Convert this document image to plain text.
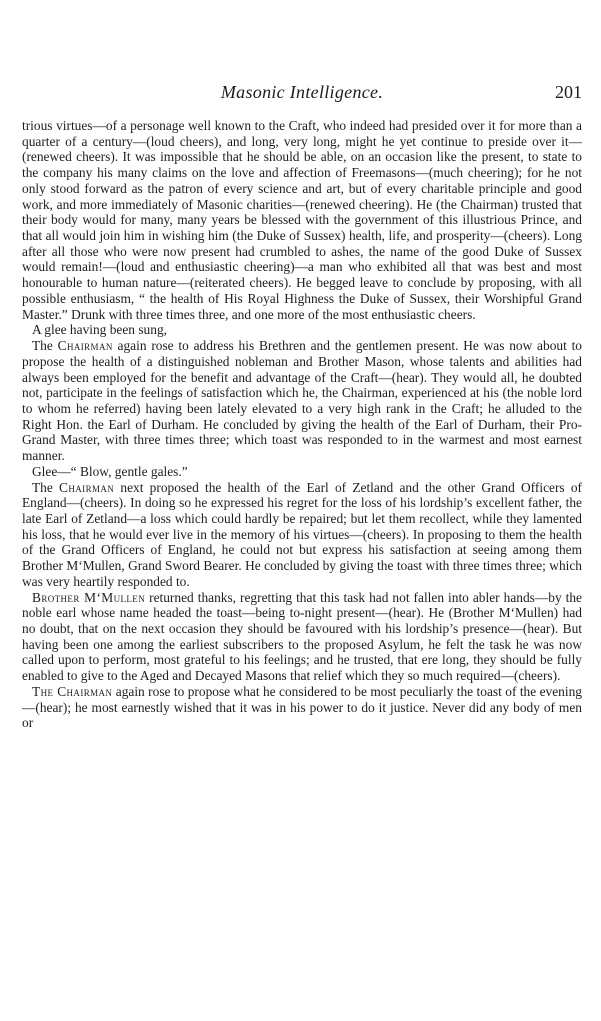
Masonic Intelligence.	201

trious virtues—of a personage well known to the Craft, who indeed had presided over it for more than a quarter of a century—(loud cheers), and long, very long, might he yet continue to preside over it—(renewed cheers). It was impossible that he should be able, on an occasion like the present, to state to the company his many claims on the love and affection of Freemasons—(much cheering); for he not only stood forward as the patron of every science and art, but of every charitable principle and good work, and more immediately of Masonic charities—(renewed cheering). He (the Chairman) trusted that their body would for many, many years be blessed with the government of this illustrious Prince, and that all would join him in wishing him (the Duke of Sussex) health, life, and prosperity—(cheers). Long after all those who were now present had crumbled to ashes, the name of the good Duke of Sussex would remain!—(loud and enthusiastic cheering)—a man who exhibited all that was best and most honourable to human nature—(reiterated cheers). He begged leave to conclude by proposing, with all possible enthusiasm, “ the health of His Royal Highness the Duke of Sussex, their Worshipful Grand Master.” Drunk with three times three, and one more of the most enthusiastic cheers.

A glee having been sung,

The Chairman again rose to address his Brethren and the gentlemen present. He was now about to propose the health of a distinguished nobleman and Brother Mason, whose talents and abilities had always been employed for the benefit and advantage of the Craft—(hear). They would all, he doubted not, participate in the feelings of satisfaction which he, the Chairman, experienced at his (the noble lord to whom he referred) having been lately elevated to a very high rank in the Craft; he alluded to the Right Hon. the Earl of Durham. He concluded by giving the health of the Earl of Durham, their Pro-Grand Master, with three times three; which toast was responded to in the warmest and most earnest manner.

Glee—“ Blow, gentle gales.”

The Chairman next proposed the health of the Earl of Zetland and the other Grand Officers of England—(cheers). In doing so he expressed his regret for the loss of his lordship’s excellent father, the late Earl of Zetland—a loss which could hardly be repaired; but let them recollect, while they lamented his loss, that he would ever live in the memory of his virtues—(cheers). In proposing to them the health of the Grand Officers of England, he could not but express his satisfaction at seeing among them Brother M‘Mullen, Grand Sword Bearer. He concluded by giving the toast with three times three; which was very heartily responded to.

Brother M‘Mullen returned thanks, regretting that this task had not fallen into abler hands—by the noble earl whose name headed the toast—being to-night present—(hear). He (Brother M‘Mullen) had no doubt, that on the next occasion they should be favoured with his lordship’s presence—(hear). But having been one among the earliest subscribers to the proposed Asylum, he felt the task he was now called upon to perform, most grateful to his feelings; and he trusted, that ere long, they should be fully enabled to give to the Aged and Decayed Masons that relief which they so much required—(cheers).

The Chairman again rose to propose what he considered to be most peculiarly the toast of the evening—(hear); he most earnestly wished that it was in his power to do it justice. Never did any body of men or
